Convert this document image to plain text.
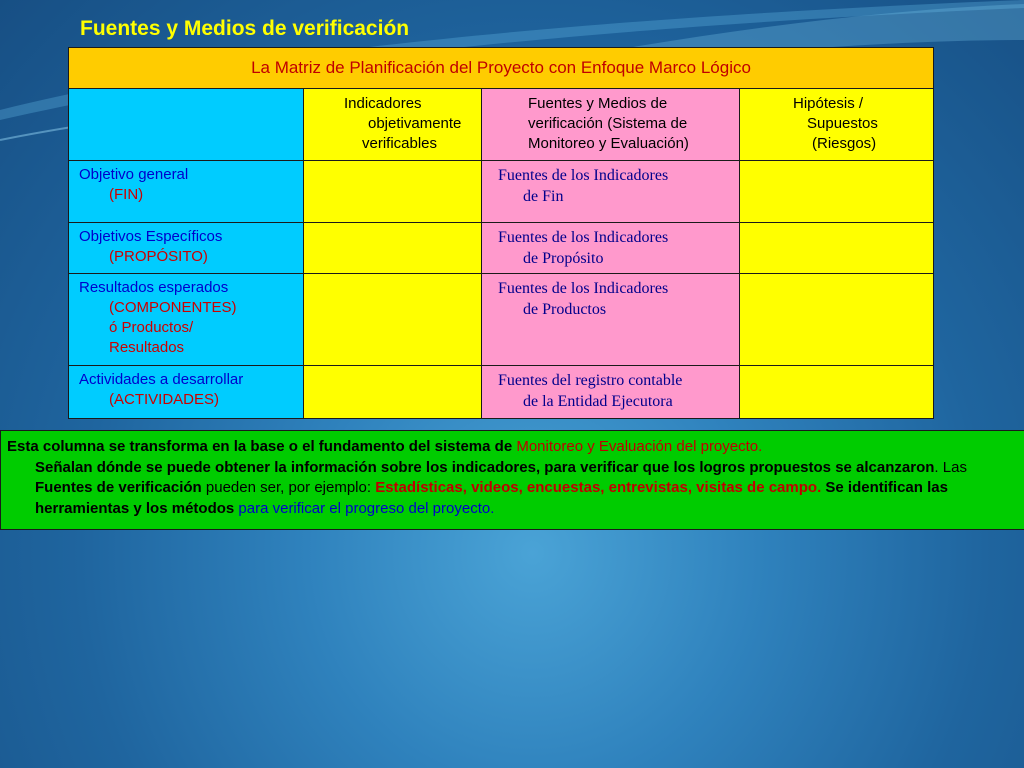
Fuentes y Medios de verificación
La Matriz de Planificación del Proyecto con Enfoque Marco Lógico			

	Indicadores
objetivamente
verificables	Fuentes y Medios de
verificación (Sistema de
Monitoreo y Evaluación)	Hipótesis /
Supuestos
(Riesgos)

Objetivo general
(FIN)		Fuentes de los Indicadores
de Fin	

Objetivos Específicos
(PROPÓSITO)		Fuentes de los Indicadores
de Propósito	

Resultados esperados
(COMPONENTES)
ó Productos/
Resultados		Fuentes de los Indicadores
de Productos	

Actividades a desarrollar
(ACTIVIDADES)		Fuentes del registro contable
de la Entidad Ejecutora	

Esta columna se transforma en la base o el fundamento del sistema de Monitoreo y Evaluación del proyecto.

Señalan dónde se puede obtener la información sobre los indicadores, para verificar que los logros propuestos se alcanzaron. Las Fuentes de verificación pueden ser, por ejemplo: Estadísticas, videos, encuestas, entrevistas, visitas de campo. Se identifican las herramientas y los métodos para verificar el progreso del proyecto.
